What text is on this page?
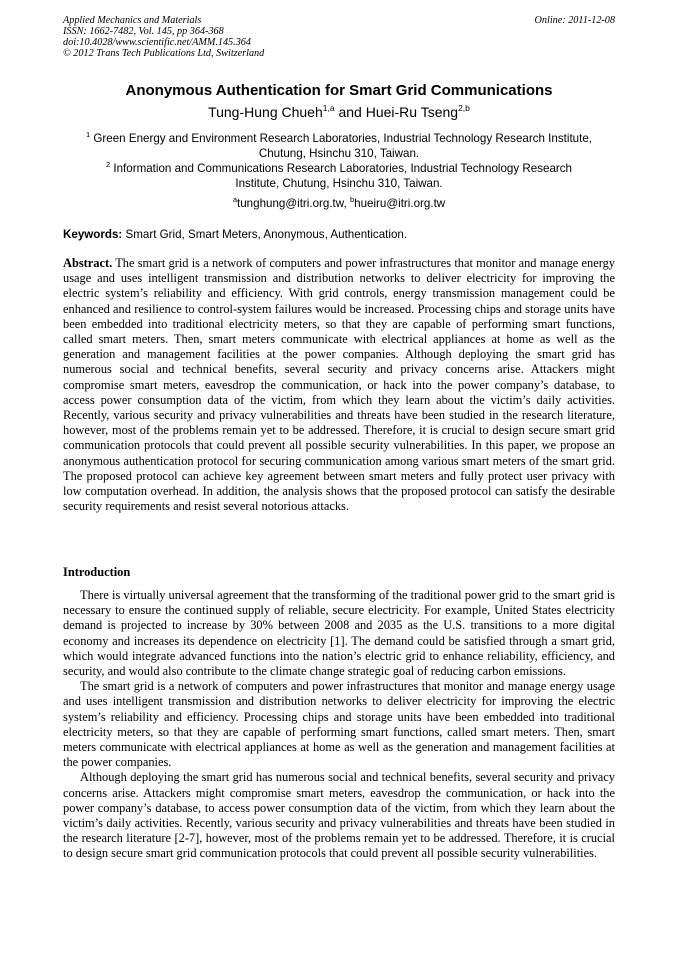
Applied Mechanics and Materials
ISSN: 1662-7482, Vol. 145, pp 364-368
doi:10.4028/www.scientific.net/AMM.145.364
© 2012 Trans Tech Publications Ltd, Switzerland
Online: 2011-12-08
Anonymous Authentication for Smart Grid Communications
Tung-Hung Chueh$^{1,a}$ and Huei-Ru Tseng$^{2,b}$
$^1$ Green Energy and Environment Research Laboratories, Industrial Technology Research Institute,
Chutung, Hsinchu 310, Taiwan.
$^2$ Information and Communications Research Laboratories, Industrial Technology Research
Institute, Chutung, Hsinchu 310, Taiwan.
$^a$tunghung@itri.org.tw, $^b$hueiru@itri.org.tw
Keywords: Smart Grid, Smart Meters, Anonymous, Authentication.
Abstract. The smart grid is a network of computers and power infrastructures that monitor and manage energy usage and uses intelligent transmission and distribution networks to deliver electricity for improving the electric system’s reliability and efficiency. With grid controls, energy transmission management could be enhanced and resilience to control-system failures would be increased. Processing chips and storage units have been embedded into traditional electricity meters, so that they are capable of performing smart functions, called smart meters. Then, smart meters communicate with electrical appliances at home as well as the generation and management facilities at the power companies. Although deploying the smart grid has numerous social and technical benefits, several security and privacy concerns arise. Attackers might compromise smart meters, eavesdrop the communication, or hack into the power company’s database, to access power consumption data of the victim, from which they learn about the victim’s daily activities. Recently, various security and privacy vulnerabilities and threats have been studied in the research literature, however, most of the problems remain yet to be addressed. Therefore, it is crucial to design secure smart grid communication protocols that could prevent all possible security vulnerabilities. In this paper, we propose an anonymous authentication protocol for securing communication among various smart meters of the smart grid. The proposed protocol can achieve key agreement between smart meters and fully protect user privacy with low computation overhead. In addition, the analysis shows that the proposed protocol can satisfy the desirable security requirements and resist several notorious attacks.
Introduction

There is virtually universal agreement that the transforming of the traditional power grid to the smart grid is necessary to ensure the continued supply of reliable, secure electricity. For example, United States electricity demand is projected to increase by 30% between 2008 and 2035 as the U.S. transitions to a more digital economy and increases its dependence on electricity [1]. The demand could be satisfied through a smart grid, which would integrate advanced functions into the nation’s electric grid to enhance reliability, efficiency, and security, and would also contribute to the climate change strategic goal of reducing carbon emissions.

The smart grid is a network of computers and power infrastructures that monitor and manage energy usage and uses intelligent transmission and distribution networks to deliver electricity for improving the electric system’s reliability and efficiency. Processing chips and storage units have been embedded into traditional electricity meters, so that they are capable of performing smart functions, called smart meters. Then, smart meters communicate with electrical appliances at home as well as the generation and management facilities at the power companies.

Although deploying the smart grid has numerous social and technical benefits, several security and privacy concerns arise. Attackers might compromise smart meters, eavesdrop the communication, or hack into the power company’s database, to access power consumption data of the victim, from which they learn about the victim’s daily activities. Recently, various security and privacy vulnerabilities and threats have been studied in the research literature [2-7], however, most of the problems remain yet to be addressed. Therefore, it is crucial to design secure smart grid communication protocols that could prevent all possible security vulnerabilities.
